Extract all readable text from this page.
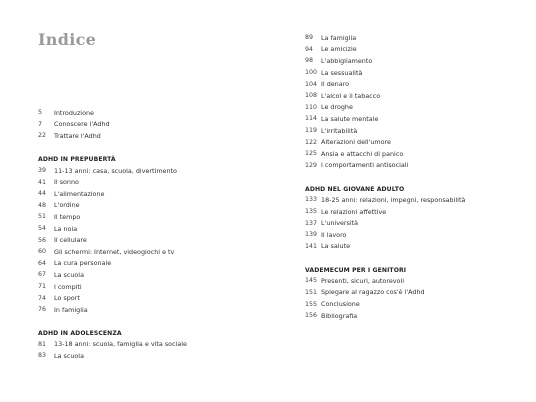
Indice
5	Introduzione
7	Conoscere l'Adhd
22	Trattare l'Adhd
ADHD IN PREPUBERTÀ
39	11-13 anni: casa, scuola, divertimento
41	Il sonno
44	L'alimentazione
48	L'ordine
51	Il tempo
54	La noia
56	Il cellulare
60	Gli schermi: Internet, videogiochi e tv
64	La cura personale
67	La scuola
71	I compiti
74	Lo sport
76	In famiglia
ADHD IN ADOLESCENZA
81	13-18 anni: scuola, famiglia e vita sociale
83	La scuola
89	La famiglia
94	Le amicizie
98	L'abbigliamento
100 La sessualità
104 Il denaro
108 L'alcol e il tabacco
110 Le droghe
114 La salute mentale
119 L'irritabilità
122 Alterazioni dell'umore
125 Ansia e attacchi di panico
129 I comportamenti antisociali
ADHD NEL GIOVANE ADULTO
133 18-25 anni: relazioni, impegni, responsabilità
135 Le relazioni affettive
137 L'università
139 Il lavoro
141 La salute
VADEMECUM PER I GENITORI
145 Presenti, sicuri, autorevoli
151 Spiegare al ragazzo cos'è l'Adhd
155 Conclusione
156 Bibliografia
